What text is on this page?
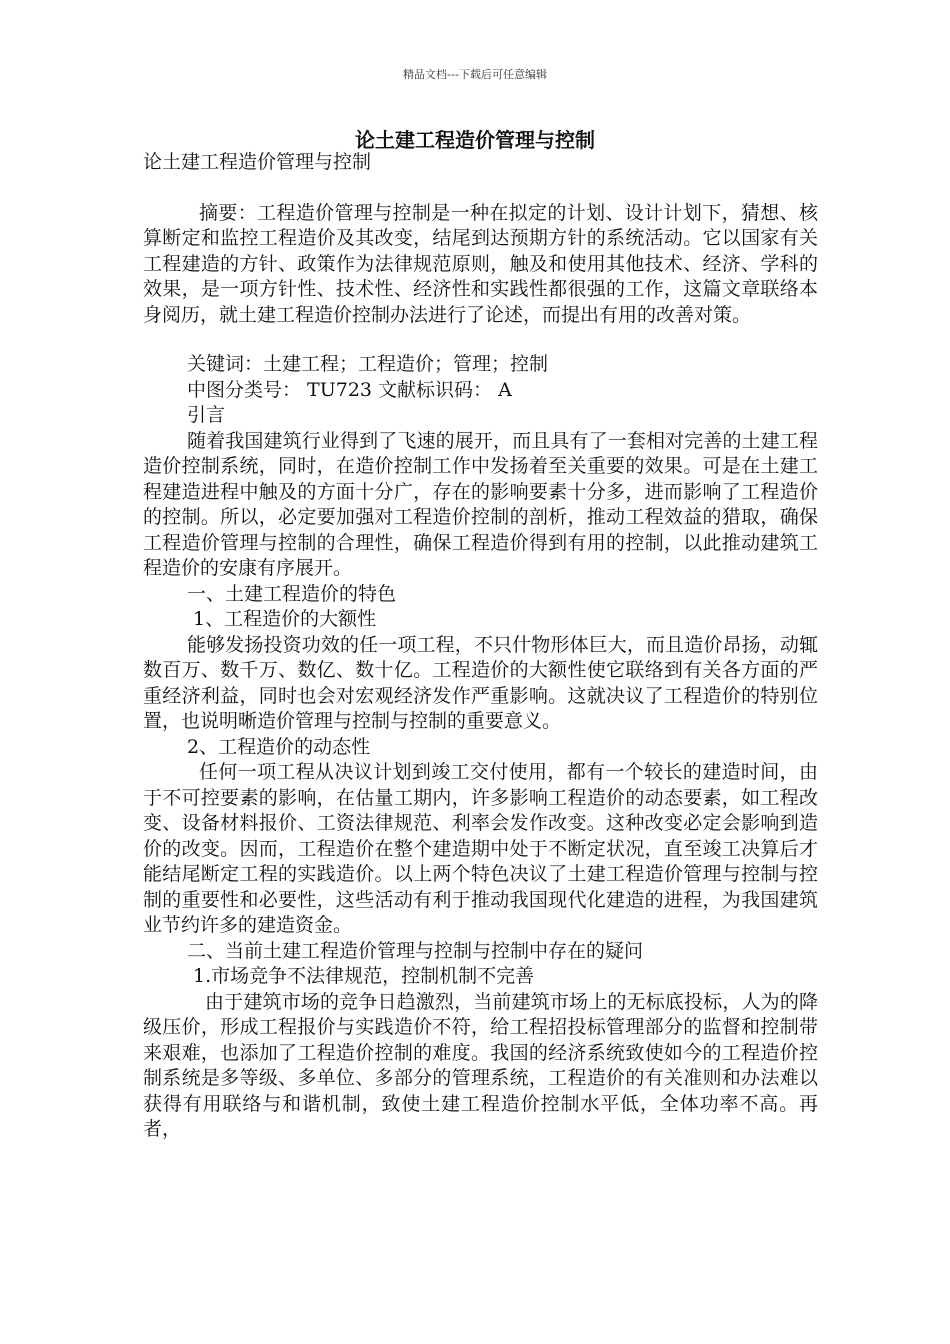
精品文档---下载后可任意编辑
论土建工程造价管理与控制

论土建工程造价管理与控制

摘要：工程造价管理与控制是一种在拟定的计划、设计计划下，猜想、核算断定和监控工程造价及其改变，结尾到达预期方针的系统活动。它以国家有关工程建造的方针、政策作为法律规范原则，触及和使用其他技术、经济、学科的效果，是一项方针性、技术性、经济性和实践性都很强的工作，这篇文章联络本身阅历，就土建工程造价控制办法进行了论述，而提出有用的改善对策。

关键词：土建工程；工程造价；管理；控制

中图分类号： TU723 文献标识码： A

引言

随着我国建筑行业得到了飞速的展开，而且具有了一套相对完善的土建工程造价控制系统，同时，在造价控制工作中发扬着至关重要的效果。可是在土建工程建造进程中触及的方面十分广，存在的影响要素十分多，进而影响了工程造价的控制。所以，必定要加强对工程造价控制的剖析，推动工程效益的猎取，确保工程造价管理与控制的合理性，确保工程造价得到有用的控制，以此推动建筑工程造价的安康有序展开。

一、土建工程造价的特色

1、工程造价的大额性

能够发扬投资功效的任一项工程，不只什物形体巨大，而且造价昂扬，动辄数百万、数千万、数亿、数十亿。工程造价的大额性使它联络到有关各方面的严重经济利益，同时也会对宏观经济发作严重影响。这就决议了工程造价的特别位置，也说明晰造价管理与控制与控制的重要意义。

2、工程造价的动态性

任何一项工程从决议计划到竣工交付使用，都有一个较长的建造时间，由于不可控要素的影响，在估量工期内，许多影响工程造价的动态要素，如工程改变、设备材料报价、工资法律规范、利率会发作改变。这种改变必定会影响到造价的改变。因而，工程造价在整个建造期中处于不断定状况，直至竣工决算后才能结尾断定工程的实践造价。以上两个特色决议了土建工程造价管理与控制与控制的重要性和必要性，这些活动有利于推动我国现代化建造的进程，为我国建筑业节约许多的建造资金。

二、当前土建工程造价管理与控制与控制中存在的疑问

1.市场竞争不法律规范，控制机制不完善

由于建筑市场的竞争日趋激烈，当前建筑市场上的无标底投标，人为的降级压价，形成工程报价与实践造价不符，给工程招投标管理部分的监督和控制带来艰难，也添加了工程造价控制的难度。我国的经济系统致使如今的工程造价控制系统是多等级、多单位、多部分的管理系统，工程造价的有关准则和办法难以获得有用联络与和谐机制，致使土建工程造价控制水平低，全体功率不高。再者，
